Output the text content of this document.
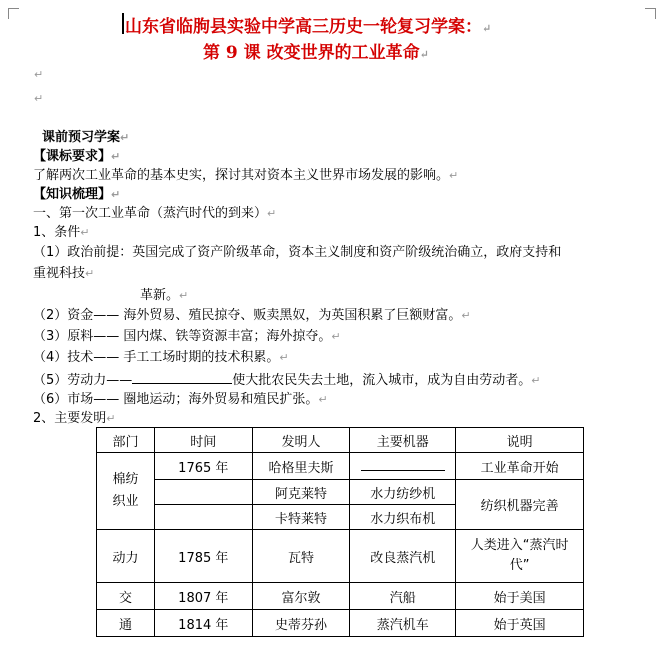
山东省临朐县实验中学高三历史一轮复习学案：↵
第 9 课 改变世界的工业革命↵
↵
↵
课前预习学案↵
【课标要求】↵
了解两次工业革命的基本史实，探讨其对资本主义世界市场发展的影响。↵
【知识梳理】↵
一、第一次工业革命（蒸汽时代的到来）↵
1、条件↵
（1）政治前提：英国完成了资产阶级革命，资本主义制度和资产阶级统治确立，政府支持和
重视科技↵
革新。↵
（2）资金—— 海外贸易、殖民掠夺、贩卖黑奴，为英国积累了巨额财富。↵
（3）原料—— 国内煤、铁等资源丰富；海外掠夺。↵
（4）技术—— 手工工场时期的技术积累。↵
（5）劳动力——	使大批农民失去土地，流入城市，成为自由劳动者。↵
（6）市场—— 圈地运动；海外贸易和殖民扩张。↵
2、主要发明↵
部门	时间	发明人	主要机器	说明
棉纺织业	1765 年	哈格里夫斯		工业革命开始
		阿克莱特	水力纺纱机	纺织机器完善
		卡特莱特	水力织布机	
动力	1785 年	瓦特	改良蒸汽机	人类进入“蒸汽时代”
交	1807 年	富尔敦	汽船	始于美国
通	1814 年	史蒂芬孙	蒸汽机车	始于英国
